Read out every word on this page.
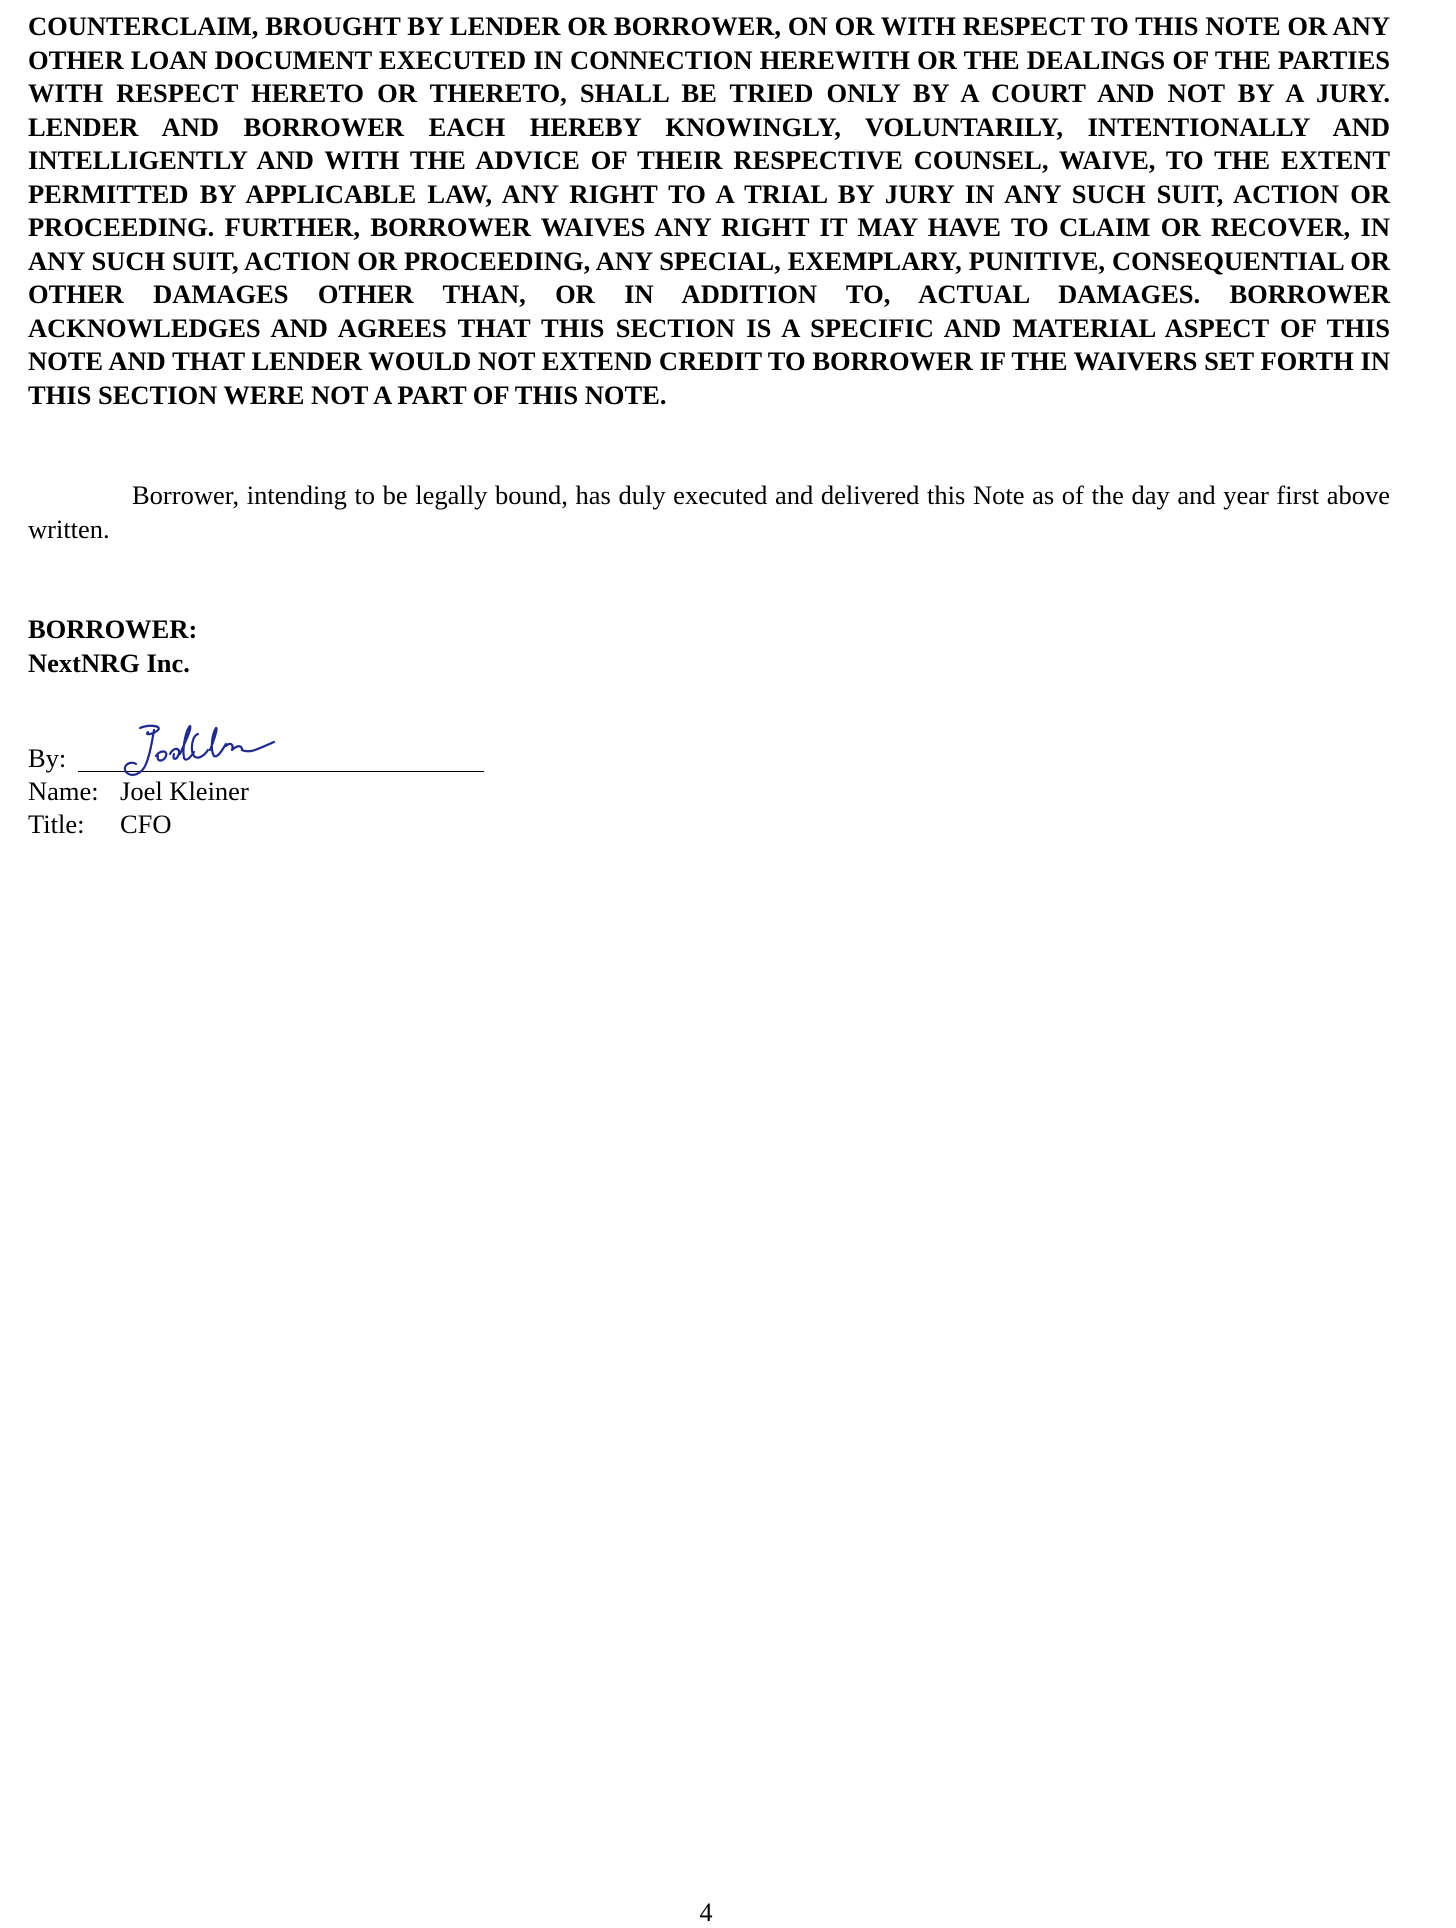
COUNTERCLAIM, BROUGHT BY LENDER OR BORROWER, ON OR WITH RESPECT TO THIS NOTE OR ANY OTHER LOAN DOCUMENT EXECUTED IN CONNECTION HEREWITH OR THE DEALINGS OF THE PARTIES WITH RESPECT HERETO OR THERETO, SHALL BE TRIED ONLY BY A COURT AND NOT BY A JURY. LENDER AND BORROWER EACH HEREBY KNOWINGLY, VOLUNTARILY, INTENTIONALLY AND INTELLIGENTLY AND WITH THE ADVICE OF THEIR RESPECTIVE COUNSEL, WAIVE, TO THE EXTENT PERMITTED BY APPLICABLE LAW, ANY RIGHT TO A TRIAL BY JURY IN ANY SUCH SUIT, ACTION OR PROCEEDING. FURTHER, BORROWER WAIVES ANY RIGHT IT MAY HAVE TO CLAIM OR RECOVER, IN ANY SUCH SUIT, ACTION OR PROCEEDING, ANY SPECIAL, EXEMPLARY, PUNITIVE, CONSEQUENTIAL OR OTHER DAMAGES OTHER THAN, OR IN ADDITION TO, ACTUAL DAMAGES. BORROWER ACKNOWLEDGES AND AGREES THAT THIS SECTION IS A SPECIFIC AND MATERIAL ASPECT OF THIS NOTE AND THAT LENDER WOULD NOT EXTEND CREDIT TO BORROWER IF THE WAIVERS SET FORTH IN THIS SECTION WERE NOT A PART OF THIS NOTE.

Borrower, intending to be legally bound, has duly executed and delivered this Note as of the day and year first above written.

BORROWER:
NextNRG Inc.
By:
Name: Joel Kleiner
Title: CFO
4
